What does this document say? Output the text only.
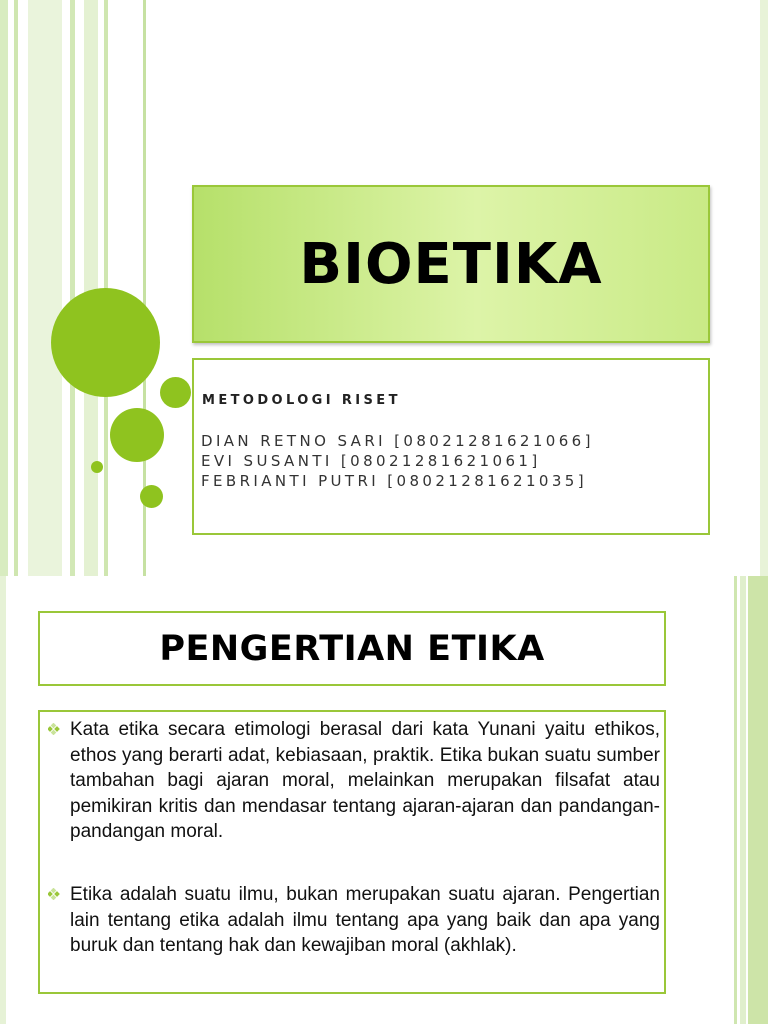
BIOETIKA
METODOLOGI RISET
DIAN RETNO SARI [08021281621066]
EVI SUSANTI [08021281621061]
FEBRIANTI PUTRI [08021281621035]
PENGERTIAN ETIKA
Kata etika secara etimologi berasal dari kata Yunani yaitu ethikos, ethos yang berarti adat, kebiasaan, praktik. Etika bukan suatu sumber tambahan bagi ajaran moral, melainkan merupakan filsafat atau pemikiran kritis dan mendasar tentang ajaran-ajaran dan pandangan-pandangan moral.
Etika adalah suatu ilmu, bukan merupakan suatu ajaran. Pengertian lain tentang etika adalah ilmu tentang apa yang baik dan apa yang buruk dan tentang hak dan kewajiban moral (akhlak).
